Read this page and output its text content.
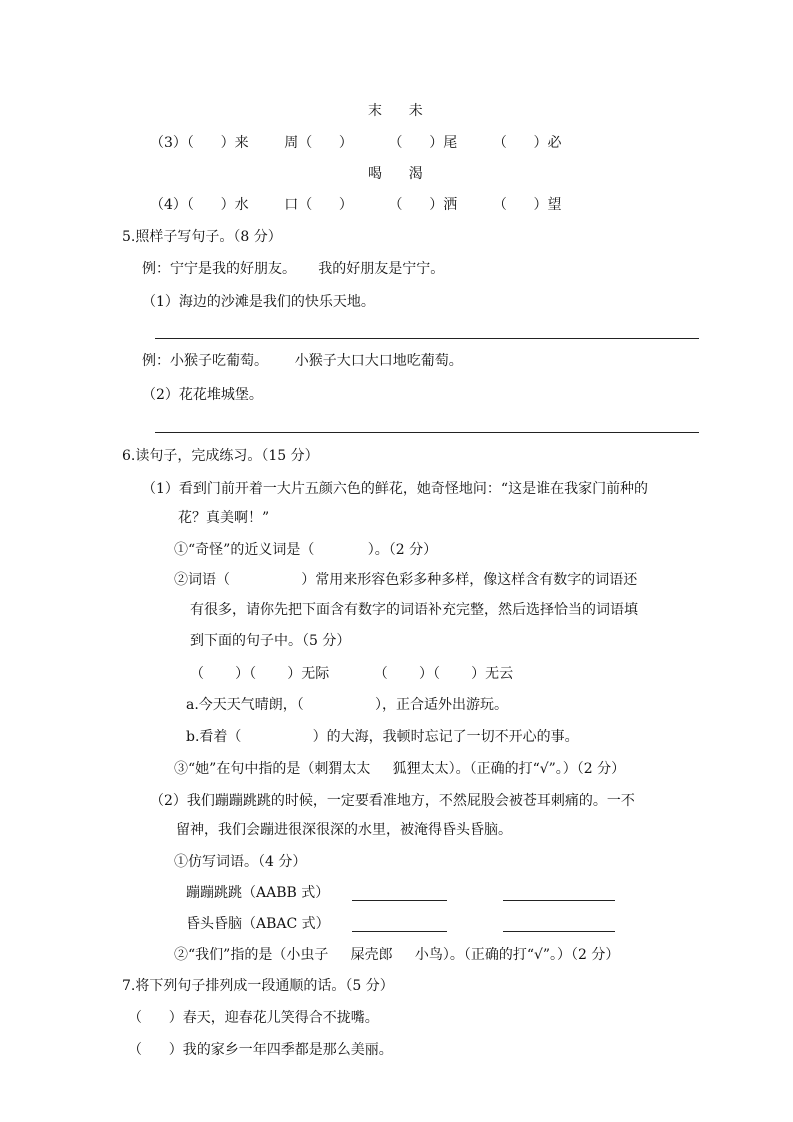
末      未
（3）（      ）来        周（      ）        （      ）尾        （      ）必
喝      渴
（4）（      ）水        口（      ）        （      ）洒        （      ）望
5.照样子写句子。（8 分）
例：宁宁是我的好朋友。     我的好朋友是宁宁。
（1）海边的沙滩是我们的快乐天地。
例：小猴子吃葡萄。      小猴子大口大口地吃葡萄。
（2）花花堆城堡。
6.读句子，完成练习。（15 分）
（1）看到门前开着一大片五颜六色的鲜花，她奇怪地问：“这是谁在我家门前种的
花？真美啊！”
①“奇怪”的近义词是（            ）。（2 分）
②词语（                ）常用来形容色彩多种多样，像这样含有数字的词语还
有很多，请你先把下面含有数字的词语补充完整，然后选择恰当的词语填
到下面的句子中。（5 分）
（       ）（       ）无际          （       ）（       ）无云
a.今天天气晴朗，（                ），正合适外出游玩。
b.看着（                ）的大海，我顿时忘记了一切不开心的事。
③“她”在句中指的是（刺猬太太     狐狸太太）。（正确的打“√”。）（2 分）
（2）我们蹦蹦跳跳的时候，一定要看准地方，不然屁股会被苍耳刺痛的。一不
留神，我们会蹦进很深很深的水里，被淹得昏头昏脑。
①仿写词语。（4 分）
蹦蹦跳跳（AABB 式）
昏头昏脑（ABAC 式）
②“我们”指的是（小虫子     屎壳郎     小鸟）。（正确的打“√”。）（2 分）
7.将下列句子排列成一段通顺的话。（5 分）
（      ）春天，迎春花儿笑得合不拢嘴。
（      ）我的家乡一年四季都是那么美丽。
